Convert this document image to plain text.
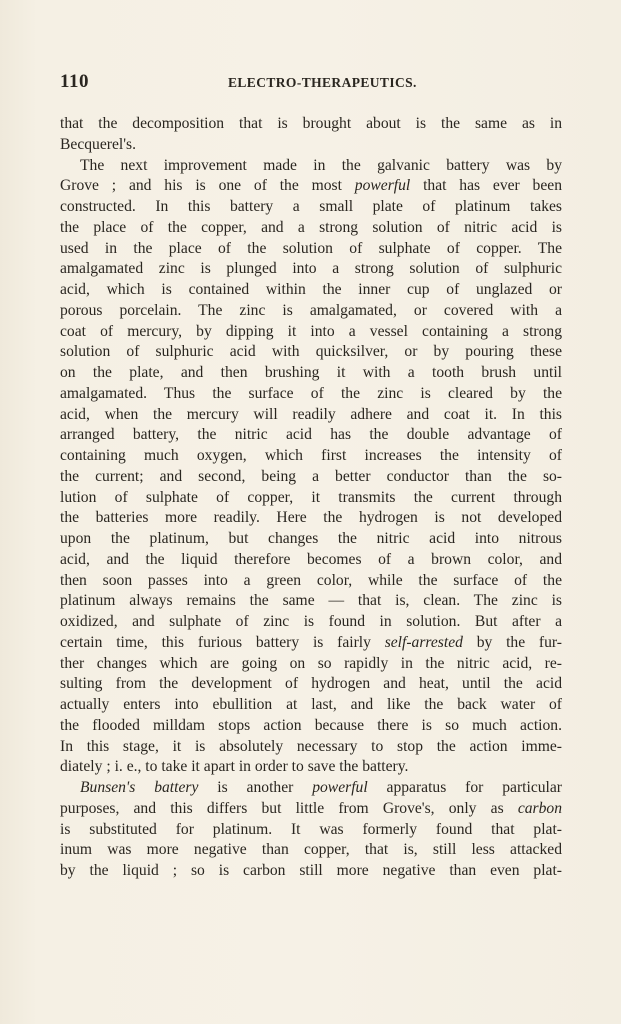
110	ELECTRO-THERAPEUTICS.
that the decomposition that is brought about is the same as in
Becquerel's.
The next improvement made in the galvanic battery was by
Grove ; and his is one of the most powerful that has ever been
constructed. In this battery a small plate of platinum takes
the place of the copper, and a strong solution of nitric acid is
used in the place of the solution of sulphate of copper. The
amalgamated zinc is plunged into a strong solution of sulphuric
acid, which is contained within the inner cup of unglazed or
porous porcelain. The zinc is amalgamated, or covered with a
coat of mercury, by dipping it into a vessel containing a strong
solution of sulphuric acid with quicksilver, or by pouring these
on the plate, and then brushing it with a tooth brush until
amalgamated. Thus the surface of the zinc is cleared by the
acid, when the mercury will readily adhere and coat it. In this
arranged battery, the nitric acid has the double advantage of
containing much oxygen, which first increases the intensity of
the current; and second, being a better conductor than the so-
lution of sulphate of copper, it transmits the current through
the batteries more readily. Here the hydrogen is not developed
upon the platinum, but changes the nitric acid into nitrous
acid, and the liquid therefore becomes of a brown color, and
then soon passes into a green color, while the surface of the
platinum always remains the same — that is, clean. The zinc is
oxidized, and sulphate of zinc is found in solution. But after a
certain time, this furious battery is fairly self-arrested by the fur-
ther changes which are going on so rapidly in the nitric acid, re-
sulting from the development of hydrogen and heat, until the acid
actually enters into ebullition at last, and like the back water of
the flooded milldam stops action because there is so much action.
In this stage, it is absolutely necessary to stop the action imme-
diately ; i. e., to take it apart in order to save the battery.
Bunsen's battery is another powerful apparatus for particular
purposes, and this differs but little from Grove's, only as carbon
is substituted for platinum. It was formerly found that plat-
inum was more negative than copper, that is, still less attacked
by the liquid ; so is carbon still more negative than even plat-
